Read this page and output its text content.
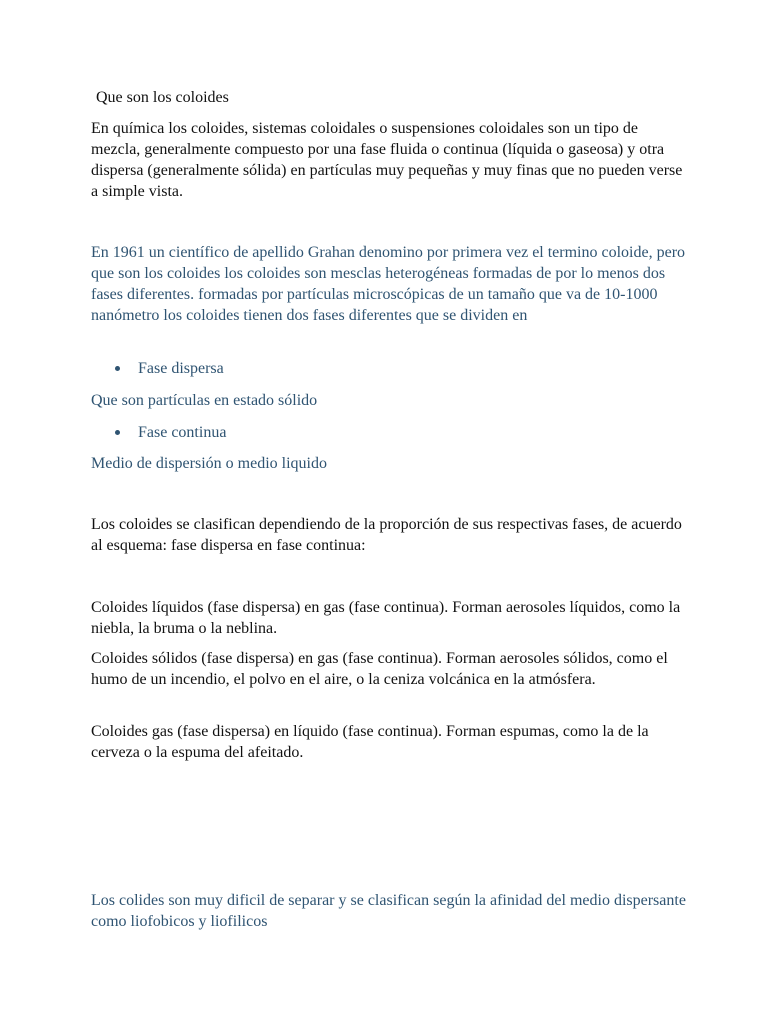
Que son los coloides

En química los coloides, sistemas coloidales o suspensiones coloidales son un tipo de mezcla, generalmente compuesto por una fase fluida o continua (líquida o gaseosa) y otra dispersa (generalmente sólida) en partículas muy pequeñas y muy finas que no pueden verse a simple vista.

En 1961 un científico de apellido Grahan denomino por primera vez el termino coloide, pero que son los coloides los coloides son mesclas heterogéneas formadas de por lo menos dos fases diferentes. formadas por partículas microscópicas de un tamaño que va de 10-1000 nanómetro los coloides tienen dos fases diferentes que se dividen en

Fase dispersa

Que son partículas en estado sólido

Fase continua

Medio de dispersión o medio liquido

Los coloides se clasifican dependiendo de la proporción de sus respectivas fases, de acuerdo al esquema: fase dispersa en fase continua:

Coloides líquidos (fase dispersa) en gas (fase continua). Forman aerosoles líquidos, como la niebla, la bruma o la neblina.

Coloides sólidos (fase dispersa) en gas (fase continua). Forman aerosoles sólidos, como el humo de un incendio, el polvo en el aire, o la ceniza volcánica en la atmósfera.

Coloides gas (fase dispersa) en líquido (fase continua). Forman espumas, como la de la cerveza o la espuma del afeitado.

Los colides son muy dificil de separar y se clasifican según la afinidad del medio dispersante como liofobicos y liofilicos
